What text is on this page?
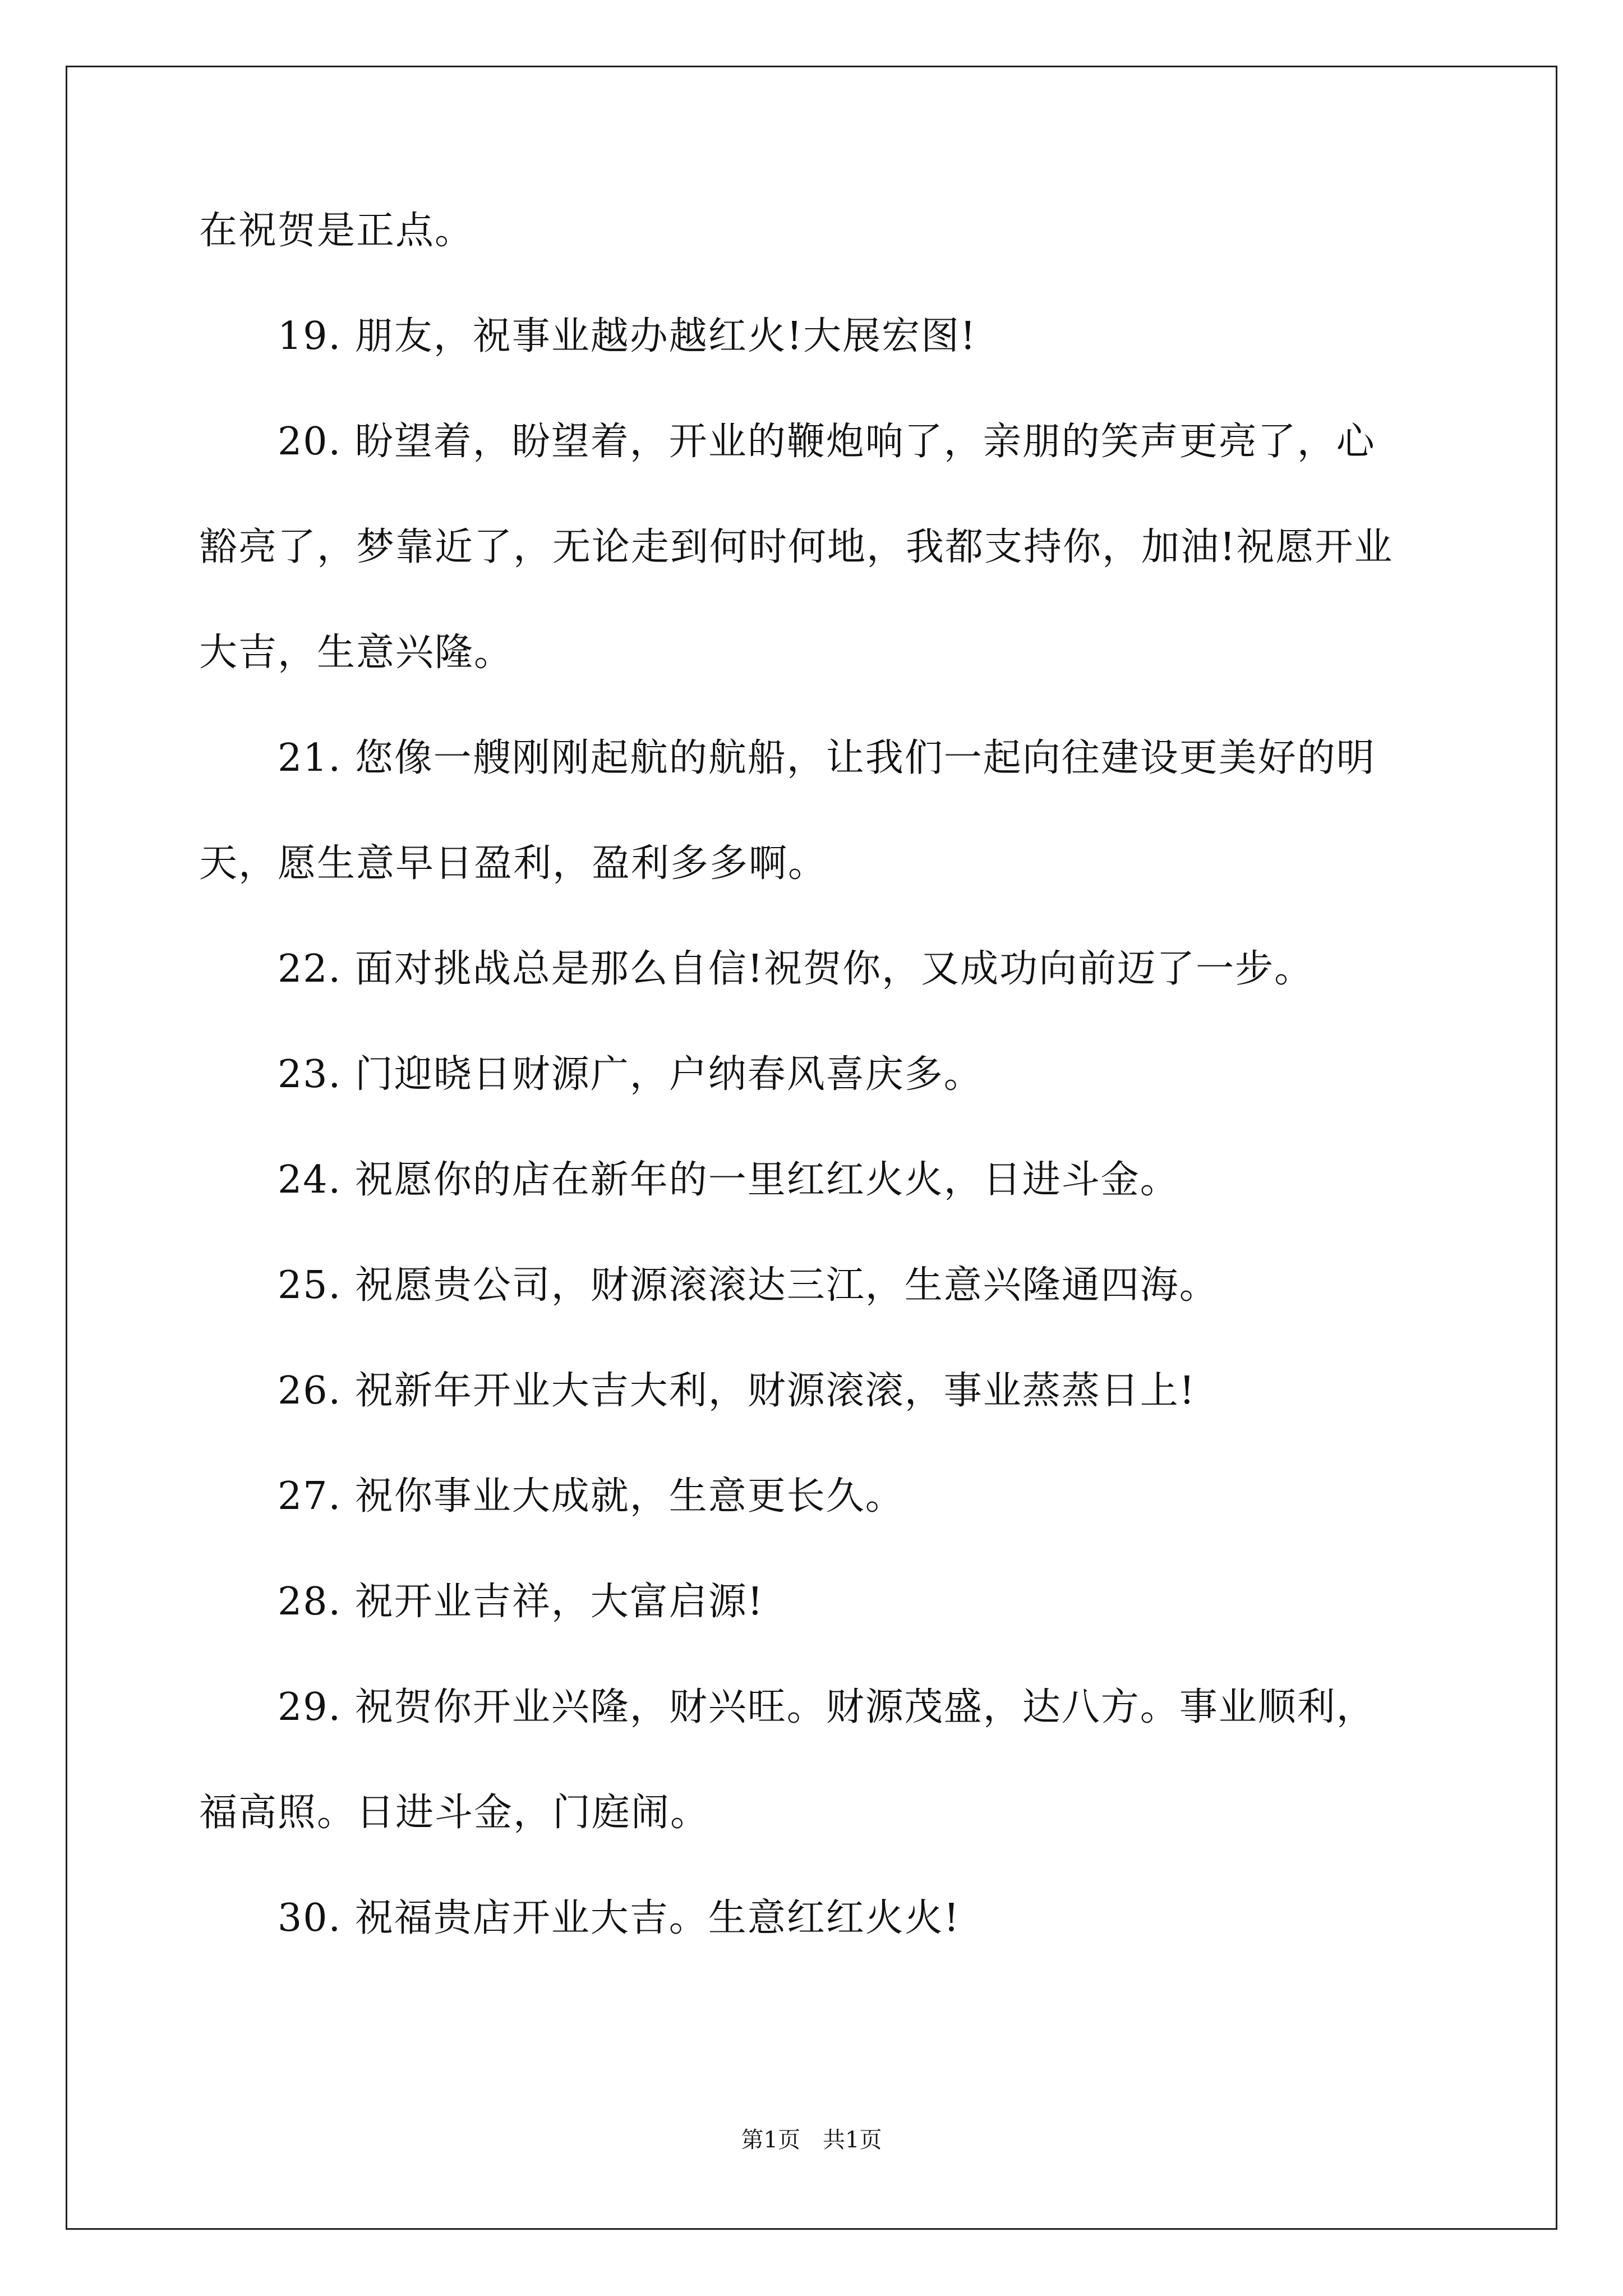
在祝贺是正点。
19. 朋友，祝事业越办越红火!大展宏图!
20. 盼望着，盼望着，开业的鞭炮响了，亲朋的笑声更亮了，心
豁亮了，梦靠近了，无论走到何时何地，我都支持你，加油!祝愿开业
大吉，生意兴隆。
21. 您像一艘刚刚起航的航船，让我们一起向往建设更美好的明
天，愿生意早日盈利，盈利多多啊。
22. 面对挑战总是那么自信!祝贺你，又成功向前迈了一步。
23. 门迎晓日财源广，户纳春风喜庆多。
24. 祝愿你的店在新年的一里红红火火，日进斗金。
25. 祝愿贵公司，财源滚滚达三江，生意兴隆通四海。
26. 祝新年开业大吉大利，财源滚滚，事业蒸蒸日上!
27. 祝你事业大成就，生意更长久。
28. 祝开业吉祥，大富启源!
29. 祝贺你开业兴隆，财兴旺。财源茂盛，达八方。事业顺利，
福高照。日进斗金，门庭闹。
30. 祝福贵店开业大吉。生意红红火火!
第1页　共1页
